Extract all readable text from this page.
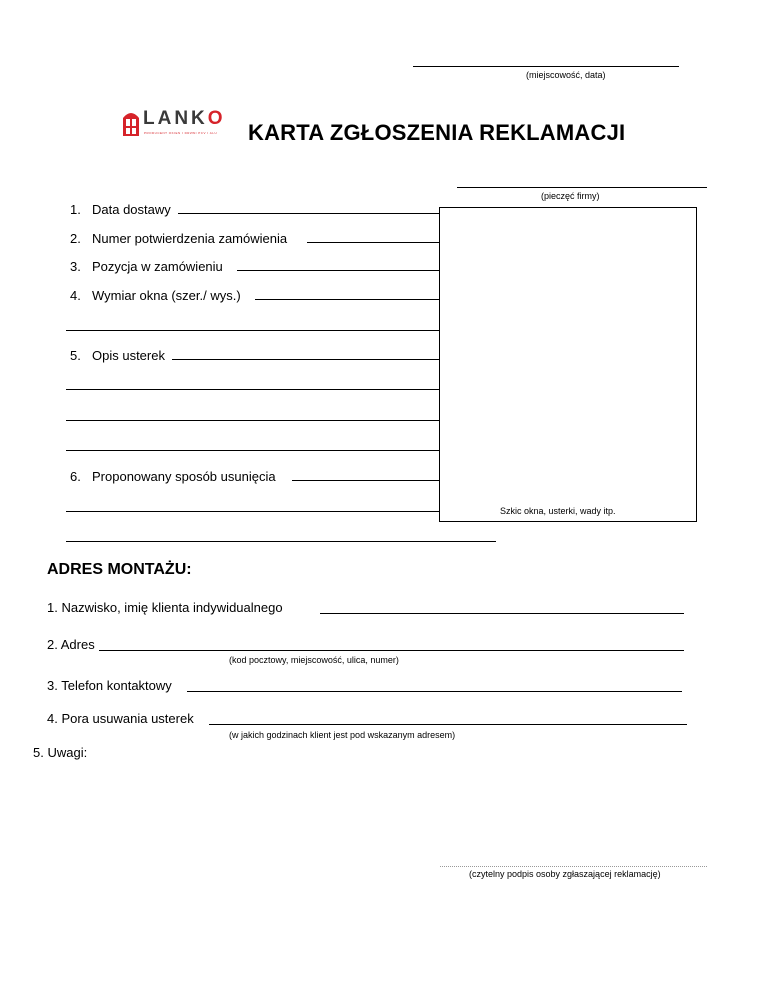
(miejscowość, data)
LANKO
PRODUCENT OKIEN I DRZWI PCV I ALU KARTA ZGŁOSZENIA REKLAMACJI
(pieczęć firmy)
Szkic okna, usterki, wady itp.
1. Data dostawy
2. Numer potwierdzenia zamówienia
3. Pozycja w zamówieniu
4. Wymiar okna (szer./ wys.)
5. Opis usterek
6. Proponowany sposób usunięcia
ADRES MONTAŻU:
1. Nazwisko, imię klienta indywidualnego
2. Adres
(kod pocztowy, miejscowość, ulica, numer)
3. Telefon kontaktowy
4. Pora usuwania usterek
(w jakich godzinach klient jest pod wskazanym adresem)
5. Uwagi:
(czytelny podpis osoby zgłaszającej reklamację)
